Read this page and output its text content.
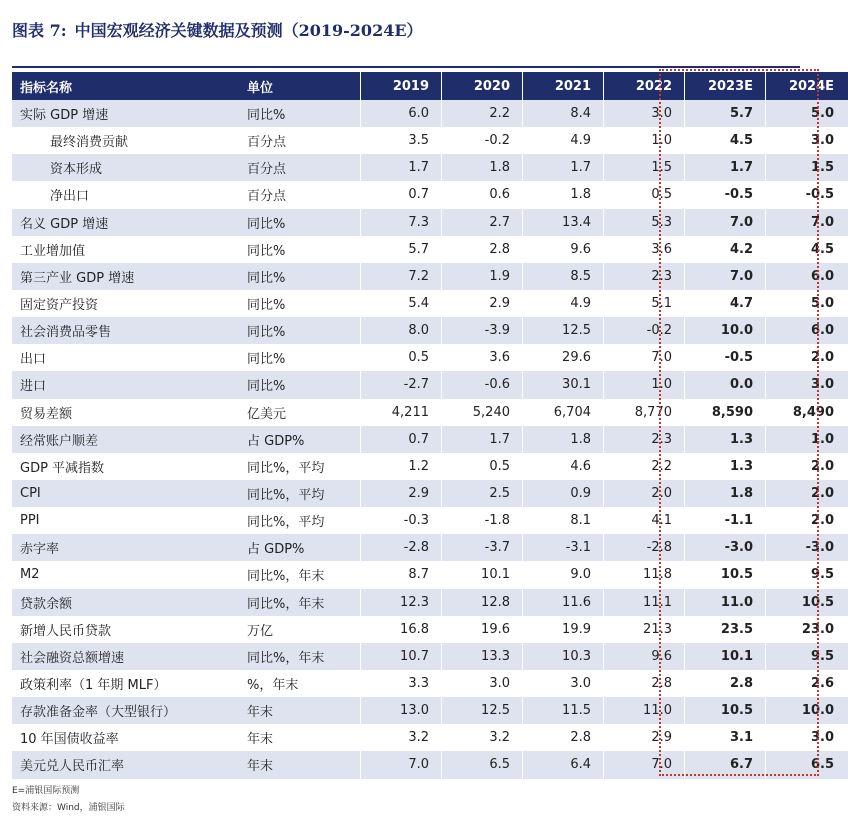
图表 7: 中国宏观经济关键数据及预测（2019-2024E）
指标名称	单位	2019	2020	2021	2022	2023E	2024E
实际 GDP 增速	同比%	6.0	2.2	8.4	3.0	5.7	5.0
最终消费贡献	百分点	3.5	-0.2	4.9	1.0	4.5	3.0
资本形成	百分点	1.7	1.8	1.7	1.5	1.7	1.5
净出口	百分点	0.7	0.6	1.8	0.5	-0.5	-0.5
名义 GDP 增速	同比%	7.3	2.7	13.4	5.3	7.0	7.0
工业增加值	同比%	5.7	2.8	9.6	3.6	4.2	4.5
第三产业 GDP 增速	同比%	7.2	1.9	8.5	2.3	7.0	6.0
固定资产投资	同比%	5.4	2.9	4.9	5.1	4.7	5.0
社会消费品零售	同比%	8.0	-3.9	12.5	-0.2	10.0	6.0
出口	同比%	0.5	3.6	29.6	7.0	-0.5	2.0
进口	同比%	-2.7	-0.6	30.1	1.0	0.0	3.0
贸易差额	亿美元	4,211	5,240	6,704	8,770	8,590	8,490
经常账户顺差	占 GDP%	0.7	1.7	1.8	2.3	1.3	1.0
GDP 平减指数	同比%，平均	1.2	0.5	4.6	2.2	1.3	2.0
CPI	同比%，平均	2.9	2.5	0.9	2.0	1.8	2.0
PPI	同比%，平均	-0.3	-1.8	8.1	4.1	-1.1	2.0
赤字率	占 GDP%	-2.8	-3.7	-3.1	-2.8	-3.0	-3.0
M2	同比%，年末	8.7	10.1	9.0	11.8	10.5	9.5
贷款余额	同比%，年末	12.3	12.8	11.6	11.1	11.0	10.5
新增人民币贷款	万亿	16.8	19.6	19.9	21.3	23.5	23.0
社会融资总额增速	同比%，年末	10.7	13.3	10.3	9.6	10.1	9.5
政策利率（1 年期 MLF）	%，年末	3.3	3.0	3.0	2.8	2.8	2.6
存款准备金率（大型银行）	年末	13.0	12.5	11.5	11.0	10.5	10.0
10 年国债收益率	年末	3.2	3.2	2.8	2.9	3.1	3.0
美元兑人民币汇率	年末	7.0	6.5	6.4	7.0	6.7	6.5
E=浦银国际预测
资料来源：Wind，浦银国际
